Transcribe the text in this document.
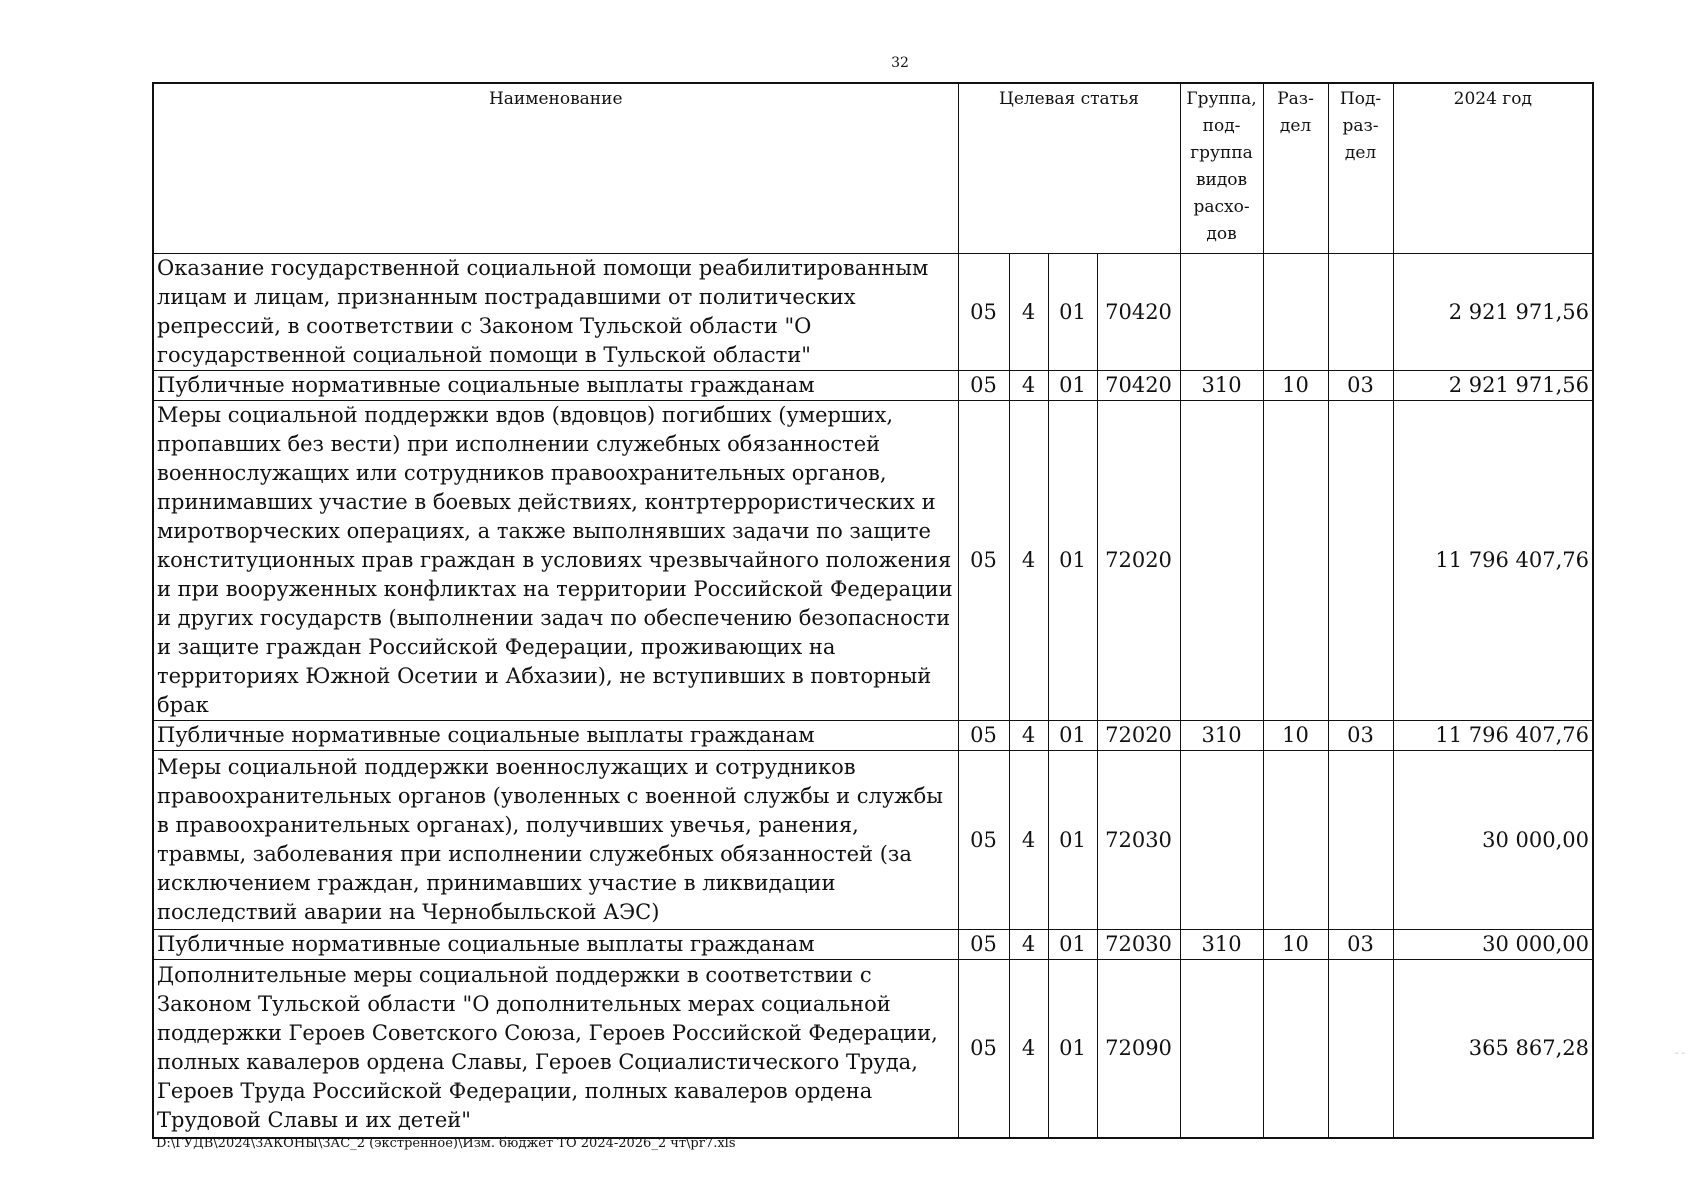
32
Наименование	Целевая статья				Группа, под-группа видов расхо-дов	Раз-дел	Под-раз-дел	2024 год
Оказание государственной социальной помощи реабилитированным лицам и лицам, признанным пострадавшими от политических репрессий, в соответствии с Законом Тульской области "О государственной социальной помощи в Тульской области"	05	4	01	70420				2 921 971,56
Публичные нормативные социальные выплаты гражданам	05	4	01	70420	310	10	03	2 921 971,56
Меры социальной поддержки вдов (вдовцов) погибших (умерших, пропавших без вести) при исполнении служебных обязанностей военнослужащих или сотрудников правоохранительных органов, принимавших участие в боевых действиях, контртеррористических и миротворческих операциях, а также выполнявших задачи по защите конституционных прав граждан в условиях чрезвычайного положения и при вооруженных конфликтах на территории Российской Федерации и других государств (выполнении задач по обеспечению безопасности и защите граждан Российской Федерации, проживающих на территориях Южной Осетии и Абхазии), не вступивших в повторный брак	05	4	01	72020				11 796 407,76
Публичные нормативные социальные выплаты гражданам	05	4	01	72020	310	10	03	11 796 407,76
Меры социальной поддержки военнослужащих и сотрудников правоохранительных органов (уволенных с военной службы и службы в правоохранительных органах), получивших увечья, ранения, травмы, заболевания при исполнении служебных обязанностей (за исключением граждан, принимавших участие в ликвидации последствий аварии на Чернобыльской АЭС)	05	4	01	72030				30 000,00
Публичные нормативные социальные выплаты гражданам	05	4	01	72030	310	10	03	30 000,00
Дополнительные меры социальной поддержки в соответствии с Законом Тульской области "О дополнительных мерах социальной поддержки Героев Советского Союза, Героев Российской Федерации, полных кавалеров ордена Славы, Героев Социалистического Труда, Героев Труда Российской Федерации, полных кавалеров ордена Трудовой Славы и их детей"	05	4	01	72090				365 867,28
D:\ГУДВ\2024\ЗАКОНЫ\ЗАС_2 (экстренное)\Изм. бюджет ТО 2024-2026_2 чт\pr7.xls
- -
